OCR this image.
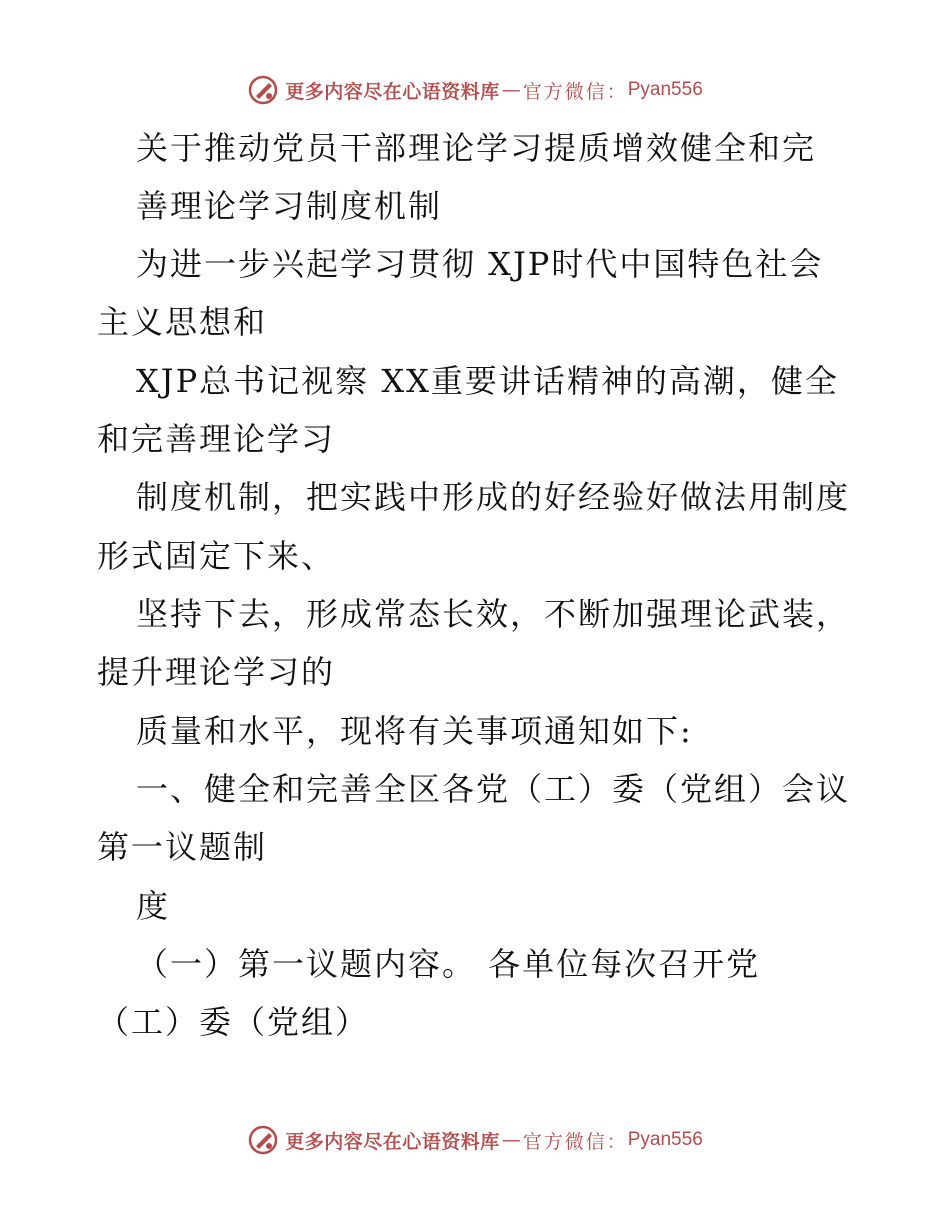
更多内容尽在心语资料库 — 官方微信： Pyan556

关于推动党员干部理论学习提质增效健全和完

善理论学习制度机制

为进一步兴起学习贯彻 XJP时代中国特色社会

主义思想和

XJP总书记视察 XX重要讲话精神的高潮，健全

和完善理论学习

制度机制，把实践中形成的好经验好做法用制度

形式固定下来、

坚持下去，形成常态长效，不断加强理论武装，

提升理论学习的

质量和水平，现将有关事项通知如下:

一、健全和完善全区各党（工）委（党组）会议

第一议题制

度

（一）第一议题内容。 各单位每次召开党

（工）委（党组）

更多内容尽在心语资料库 — 官方微信： Pyan556
